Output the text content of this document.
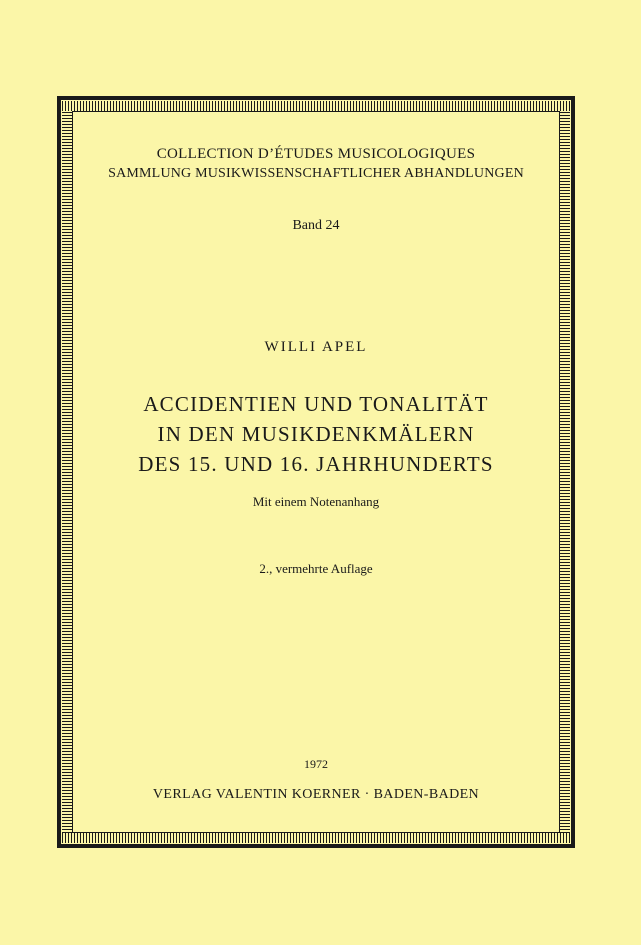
COLLECTION D’ÉTUDES MUSICOLOGIQUES
SAMMLUNG MUSIKWISSENSCHAFTLICHER ABHANDLUNGEN
Band 24
WILLI APEL
ACCIDENTIEN UND TONALITÄT
IN DEN MUSIKDENKMÄLERN
DES 15. UND 16. JAHRHUNDERTS
Mit einem Notenanhang
2., vermehrte Auflage
1972
VERLAG VALENTIN KOERNER · BADEN-BADEN
